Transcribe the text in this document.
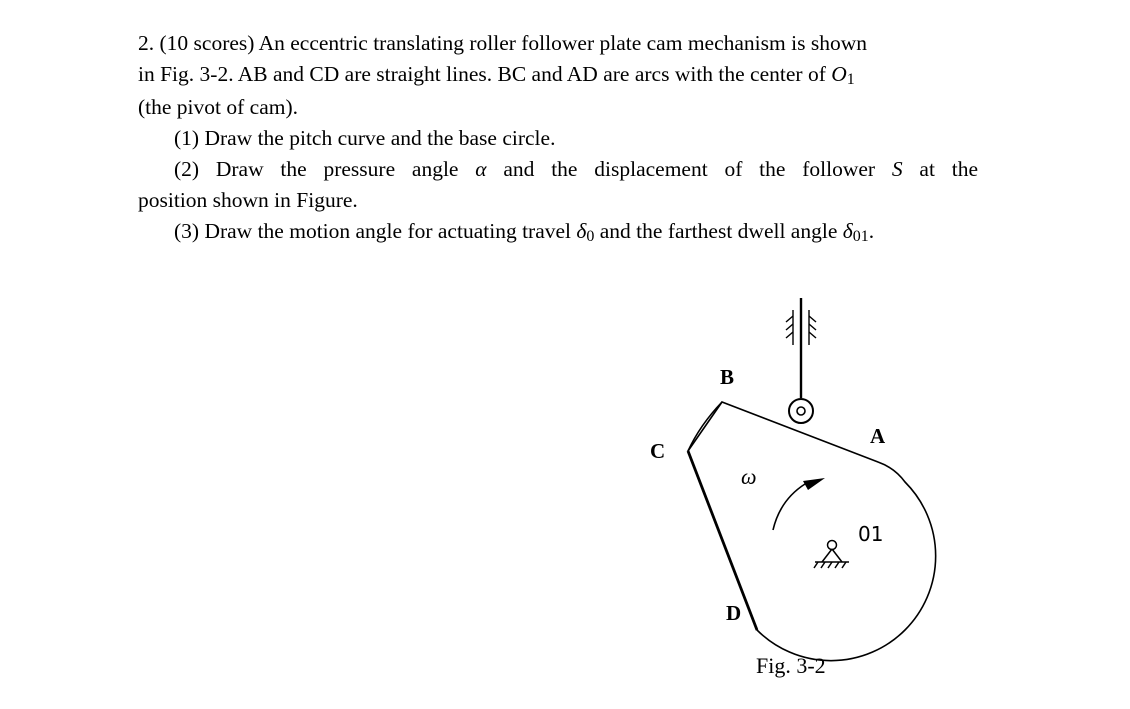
2. (10 scores) An eccentric translating roller follower plate cam mechanism is shown
in Fig. 3-2. AB and CD are straight lines. BC and AD are arcs with the center of O1
(the pivot of cam).
(1) Draw the pitch curve and the base circle.
(2) Draw the pressure angle α and the displacement of the follower S at the
position shown in Figure.
(3) Draw the motion angle for actuating travel δ0 and the farthest dwell angle δ01.
B
A
C
D
ω
01
Fig. 3-2
